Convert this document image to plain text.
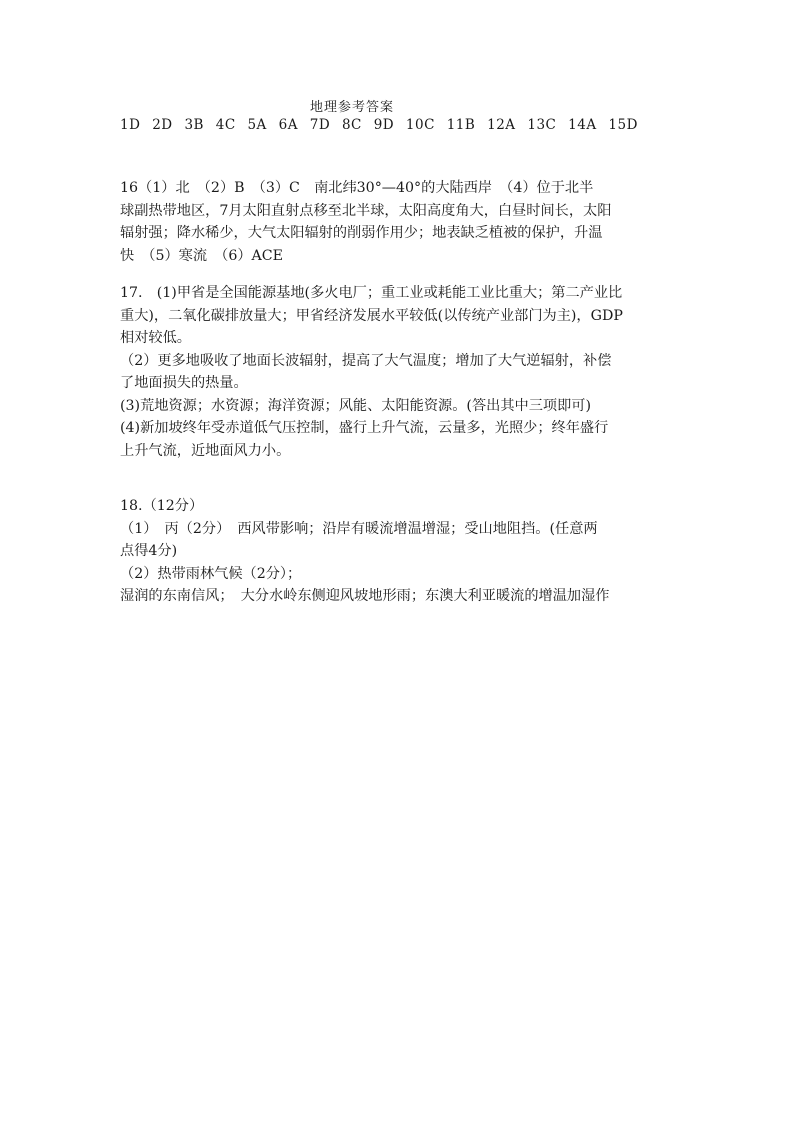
地理参考答案
1D 2D 3B 4C 5A 6A 7D 8C 9D 10C 11B 12A 13C 14A 15D

16（1）北　（2）B　（3）C　南北纬30°—40°的大陆西岸　（4）位于北半

球副热带地区，7月太阳直射点移至北半球，太阳高度角大，白昼时间长，太阳

辐射强；降水稀少，大气太阳辐射的削弱作用少；地表缺乏植被的保护，升温

快　（5）寒流　（6）ACE

17.　(1)甲省是全国能源基地(多火电厂；重工业或耗能工业比重大；第二产业比

重大)，二氧化碳排放量大；甲省经济发展水平较低(以传统产业部门为主)，GDP

相对较低。

（2）更多地吸收了地面长波辐射，提高了大气温度；增加了大气逆辐射，补偿

了地面损失的热量。

(3)荒地资源；水资源；海洋资源；风能、太阳能资源。(答出其中三项即可)

(4)新加坡终年受赤道低气压控制，盛行上升气流，云量多，光照少；终年盛行

上升气流，近地面风力小。

18.（12分）

（1）　丙（2分）　西风带影响；沿岸有暖流增温增湿；受山地阻挡。(任意两

点得4分)

（2）热带雨林气候（2分）；

湿润的东南信风；　大分水岭东侧迎风坡地形雨；东澳大利亚暖流的增温加湿作
